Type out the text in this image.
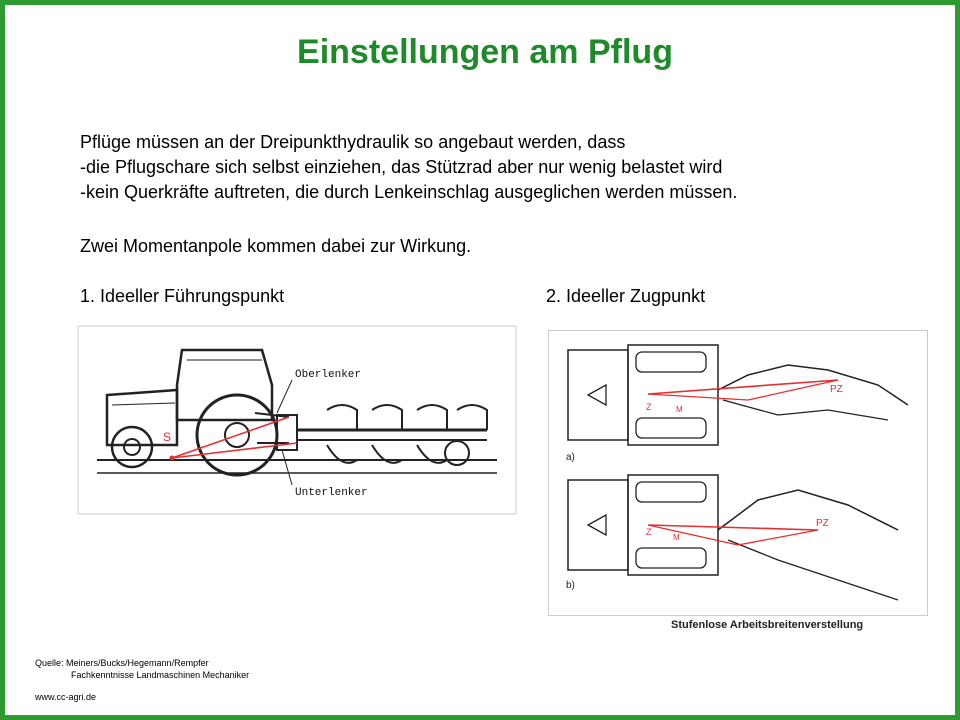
Einstellungen am Pflug
Pflüge müssen an der Dreipunkthydraulik so angebaut werden, dass
-die Pflugschare sich selbst einziehen, das Stützrad aber nur wenig belastet wird
-kein Querkräfte auftreten, die durch Lenkeinschlag ausgeglichen werden müssen.
Zwei Momentanpole kommen dabei zur Wirkung.
1. Ideeller Führungspunkt	2. Ideeller Zugpunkt
S
Oberlenker
Unterlenker
PZ
Z	M
a)
PZ
Z
M
b)
Stufenlose Arbeitsbreitenverstellung
Quelle: Meiners/Bucks/Hegemann/Rempfer
Fachkenntnisse Landmaschinen Mechaniker
www.cc-agri.de
